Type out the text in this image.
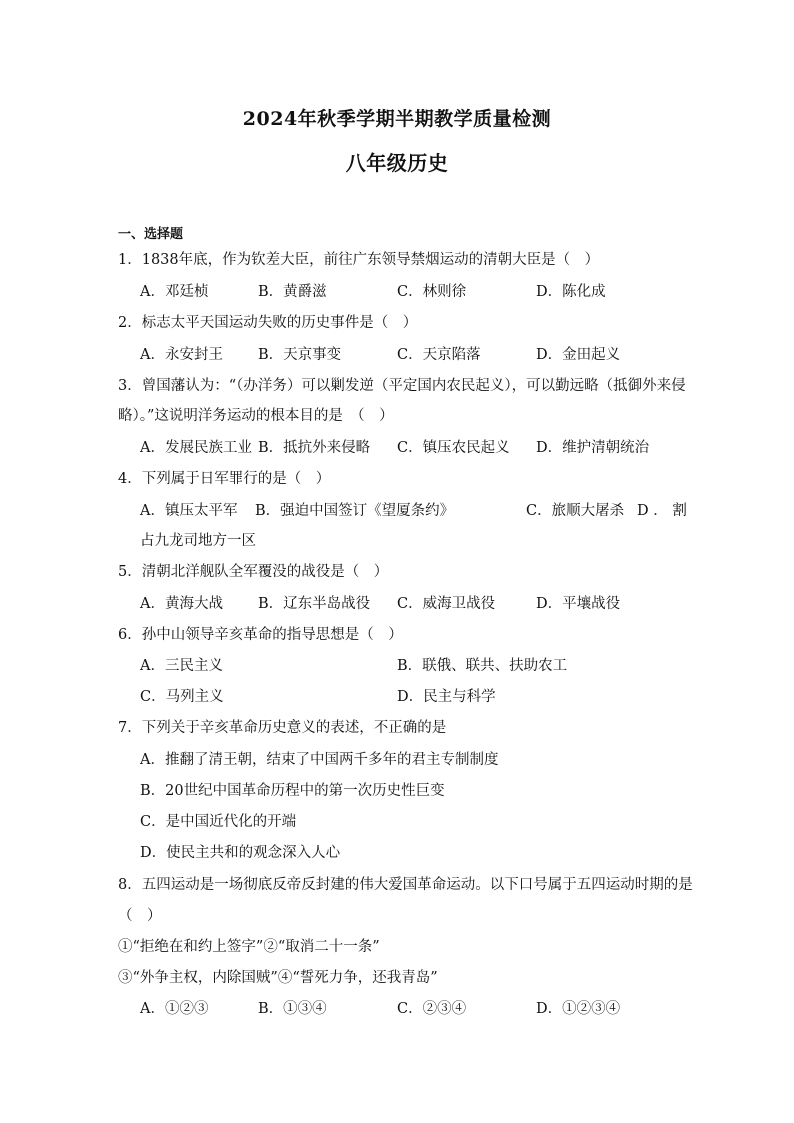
2024年秋季学期半期教学质量检测
八年级历史
一、选择题
1．1838年底，作为钦差大臣，前往广东领导禁烟运动的清朝大臣是（　）
A．邓廷桢	B．黄爵滋	C．林则徐	D．陈化成
2．标志太平天国运动失败的历史事件是（　）
A．永安封王 B．天京事变	C．天京陷落	D．金田起义
3．曾国藩认为：“（办洋务）可以剿发逆（平定国内农民起义），可以勤远略（抵御外来侵
略）。”这说明洋务运动的根本目的是　（　）
A．发展民族工业 B．抵抗外来侵略 C．镇压农民起义 D．维护清朝统治
4．下列属于日军罪行的是（　）
A．镇压太平军 B．强迫中国签订《望厦条约》	C．旅顺大屠杀 D ． 割
占九龙司地方一区
5．清朝北洋舰队全军覆没的战役是（　）
A．黄海大战 B．辽东半岛战役 C．威海卫战役	D．平壤战役
6．孙中山领导辛亥革命的指导思想是（　）
A．三民主义	B．联俄、联共、扶助农工
C．马列主义	D．民主与科学
7．下列关于辛亥革命历史意义的表述，不正确的是
A．推翻了清王朝，结束了中国两千多年的君主专制制度
B．20世纪中国革命历程中的第一次历史性巨变
C．是中国近代化的开端
D．使民主共和的观念深入人心
8．五四运动是一场彻底反帝反封建的伟大爱国革命运动。以下口号属于五四运动时期的是
（　）
①“拒绝在和约上签字”②“取消二十一条”
③“外争主权，内除国贼”④“誓死力争，还我青岛”
A．①②③	B．①③④	C．②③④	D．①②③④
